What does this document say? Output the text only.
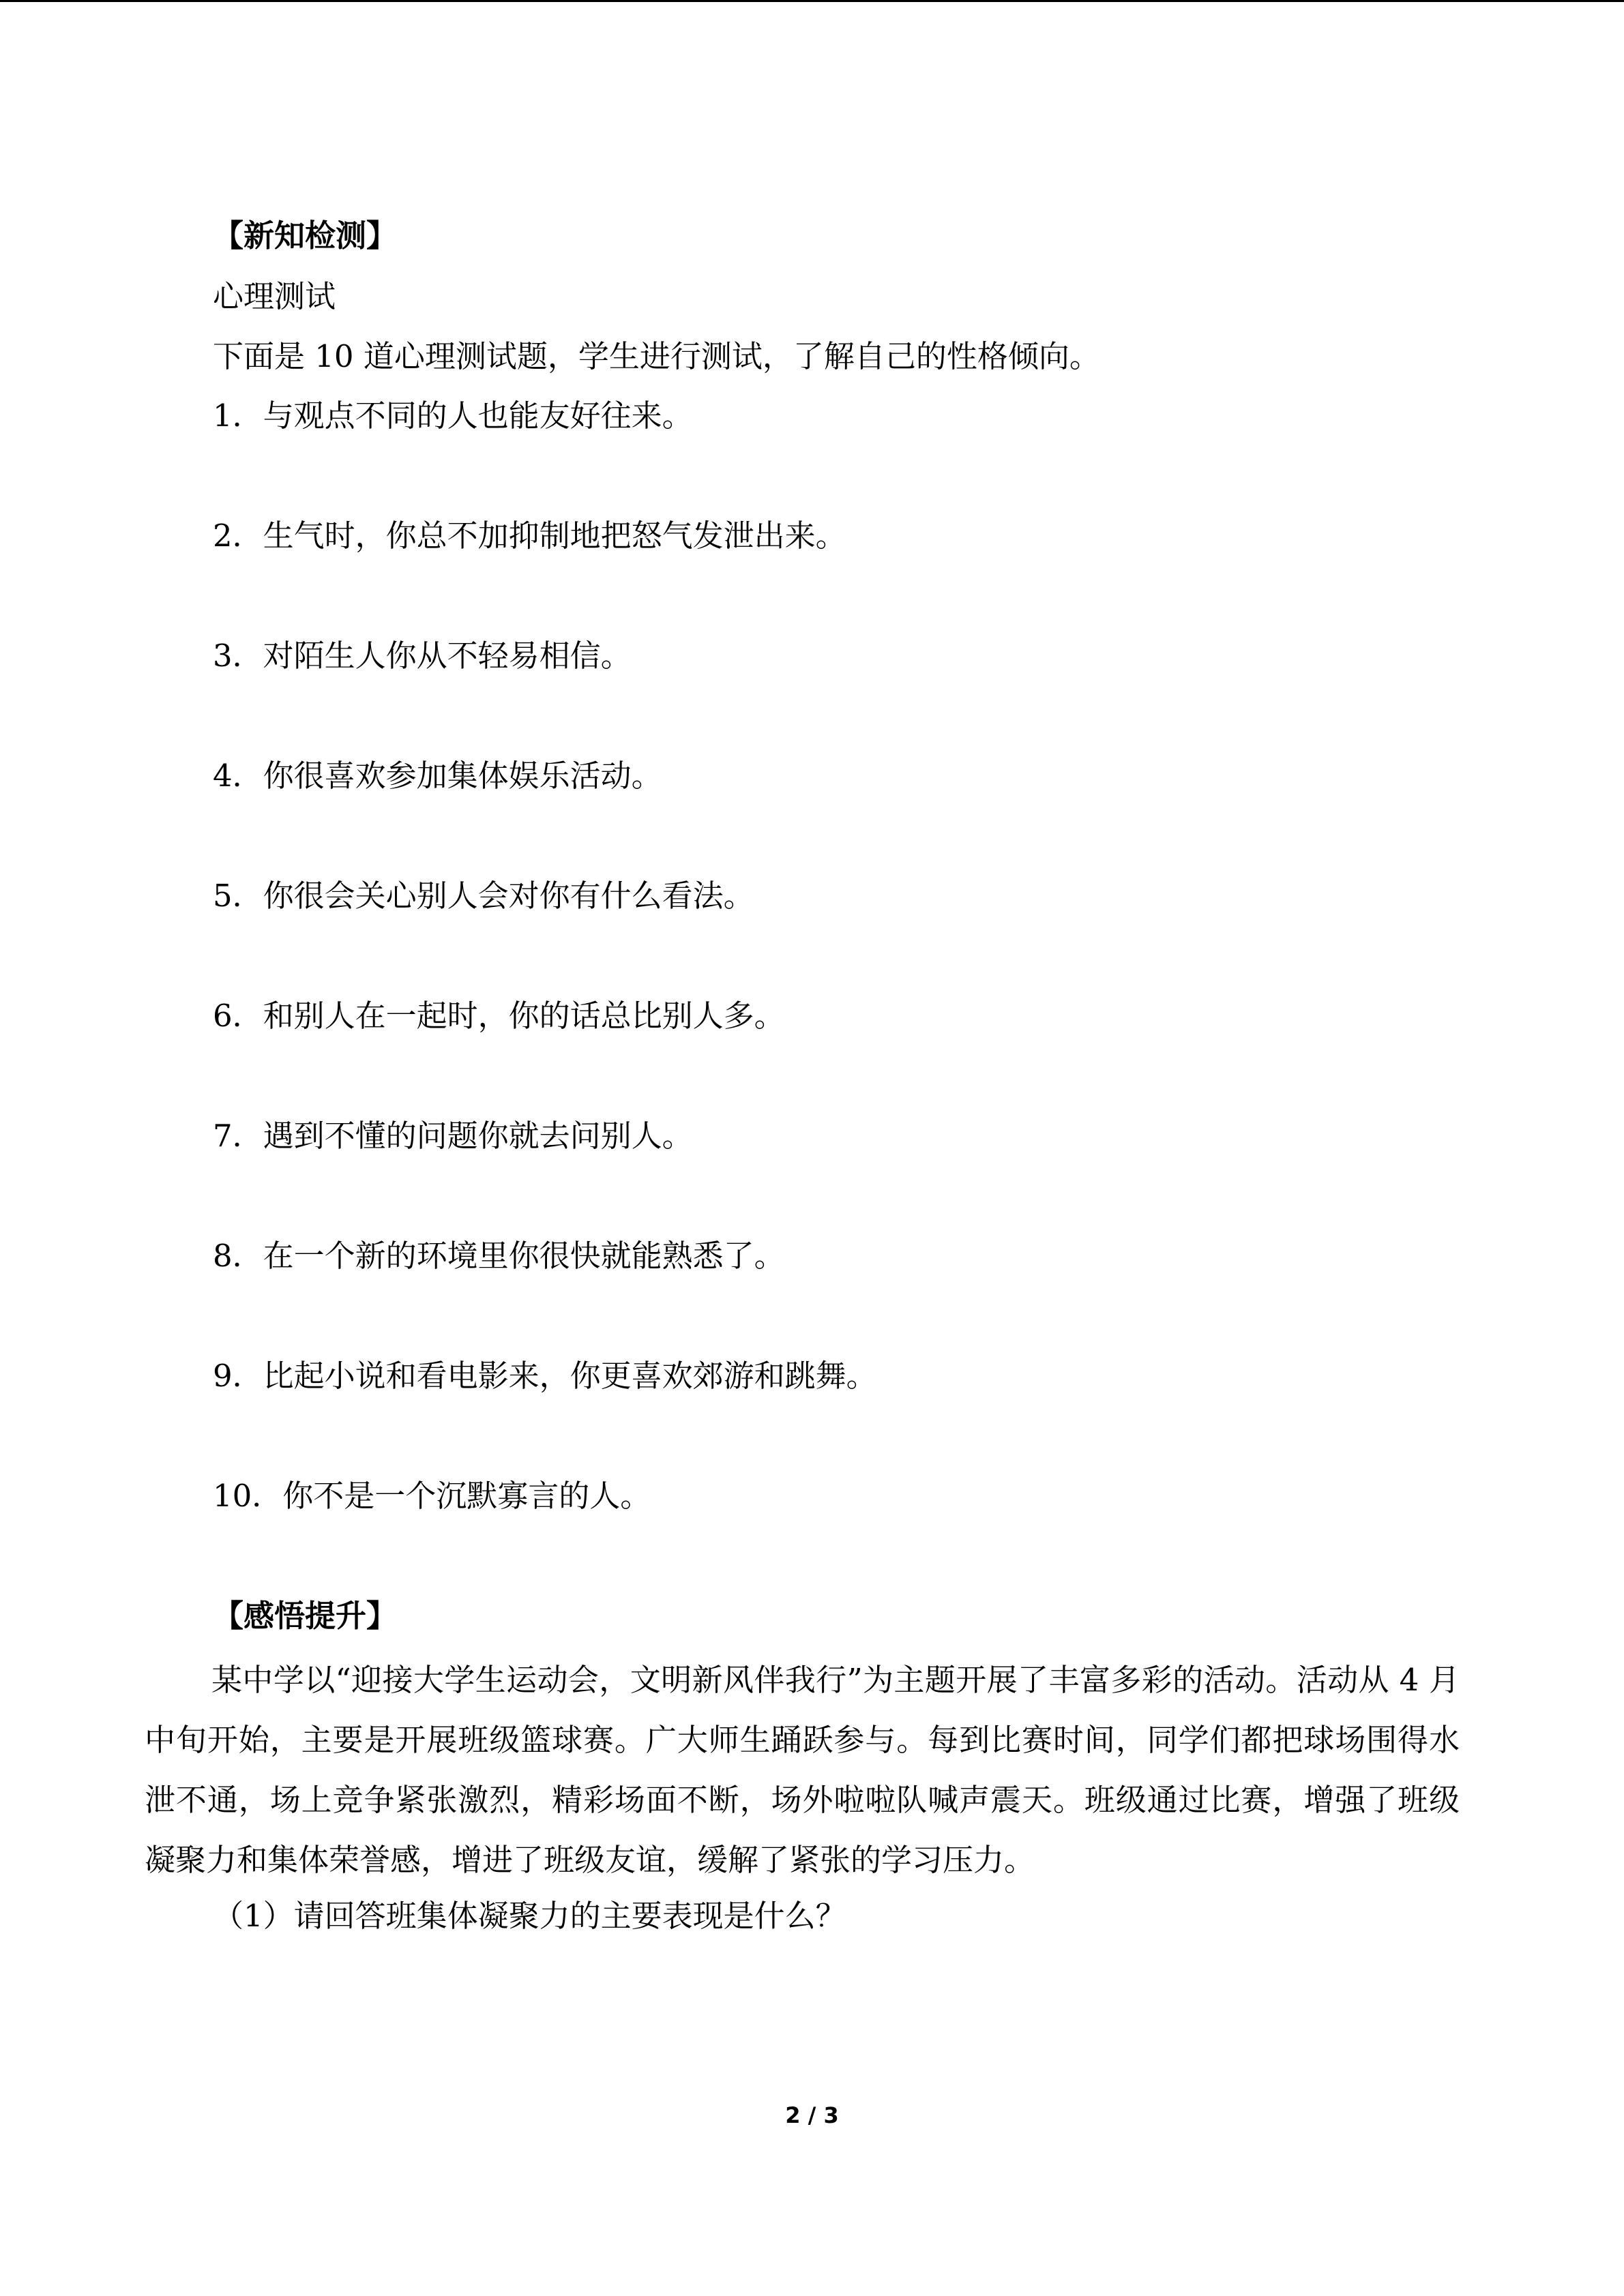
【新知检测】
心理测试
下面是 10 道心理测试题，学生进行测试，了解自己的性格倾向。
1．与观点不同的人也能友好往来。
2．生气时，你总不加抑制地把怒气发泄出来。
3．对陌生人你从不轻易相信。
4．你很喜欢参加集体娱乐活动。
5．你很会关心别人会对你有什么看法。
6．和别人在一起时，你的话总比别人多。
7．遇到不懂的问题你就去问别人。
8．在一个新的环境里你很快就能熟悉了。
9．比起小说和看电影来，你更喜欢郊游和跳舞。
10．你不是一个沉默寡言的人。
【感悟提升】
某中学以“迎接大学生运动会，文明新风伴我行”为主题开展了丰富多彩的活动。活动从 4 月中旬开始，主要是开展班级篮球赛。广大师生踊跃参与。每到比赛时间，同学们都把球场围得水泄不通，场上竞争紧张激烈，精彩场面不断，场外啦啦队喊声震天。班级通过比赛，增强了班级凝聚力和集体荣誉感，增进了班级友谊，缓解了紧张的学习压力。
（1）请回答班集体凝聚力的主要表现是什么？
2 / 3
